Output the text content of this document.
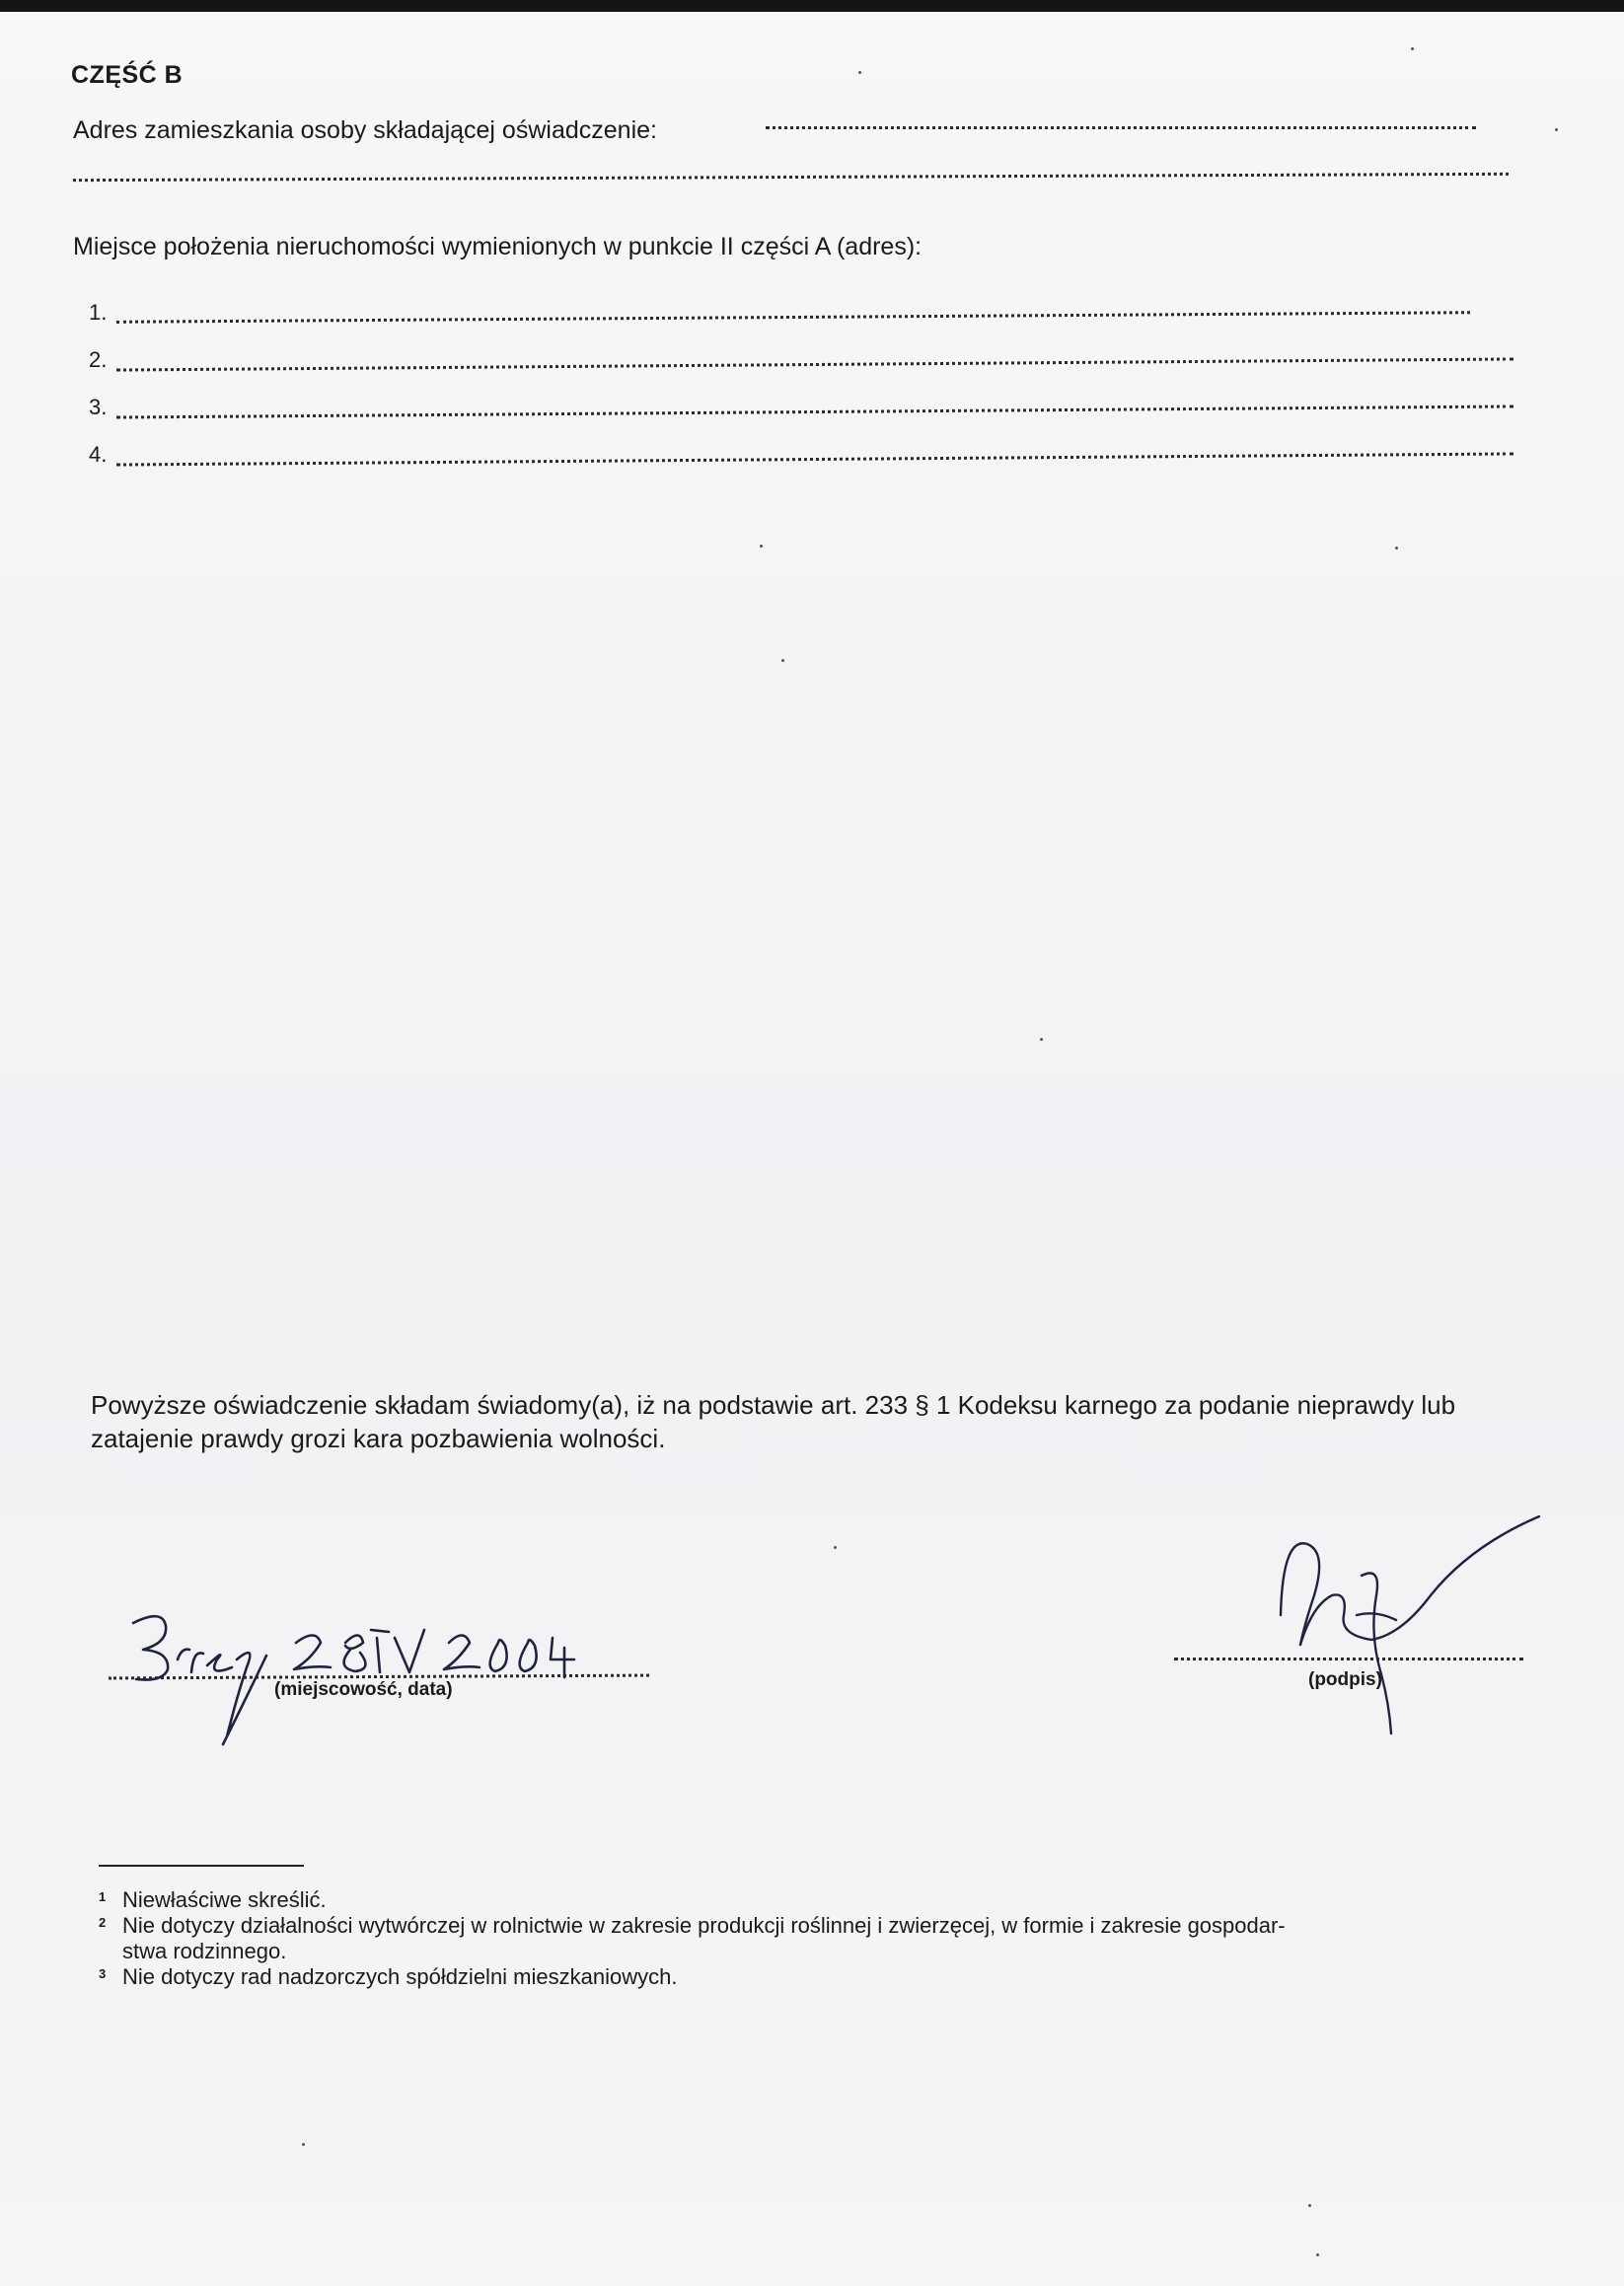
CZĘŚĆ B
Adres zamieszkania osoby składającej oświadczenie:
Miejsce położenia nieruchomości wymienionych w punkcie II części A (adres):
1.
2.
3.
4.
Powyższe oświadczenie składam świadomy(a), iż na podstawie art. 233 § 1 Kodeksu karnego za podanie nieprawdy lub zatajenie prawdy grozi kara pozbawienia wolności.
(miejscowość, data)	(podpis)
$^1$ Niewłaściwe skreślić.
$^2$ Nie dotyczy działalności wytwórczej w rolnictwie w zakresie produkcji roślinnej i zwierzęcej, w formie i zakresie gospodar-
stwa rodzinnego.
$^3$ Nie dotyczy rad nadzorczych spółdzielni mieszkaniowych.
